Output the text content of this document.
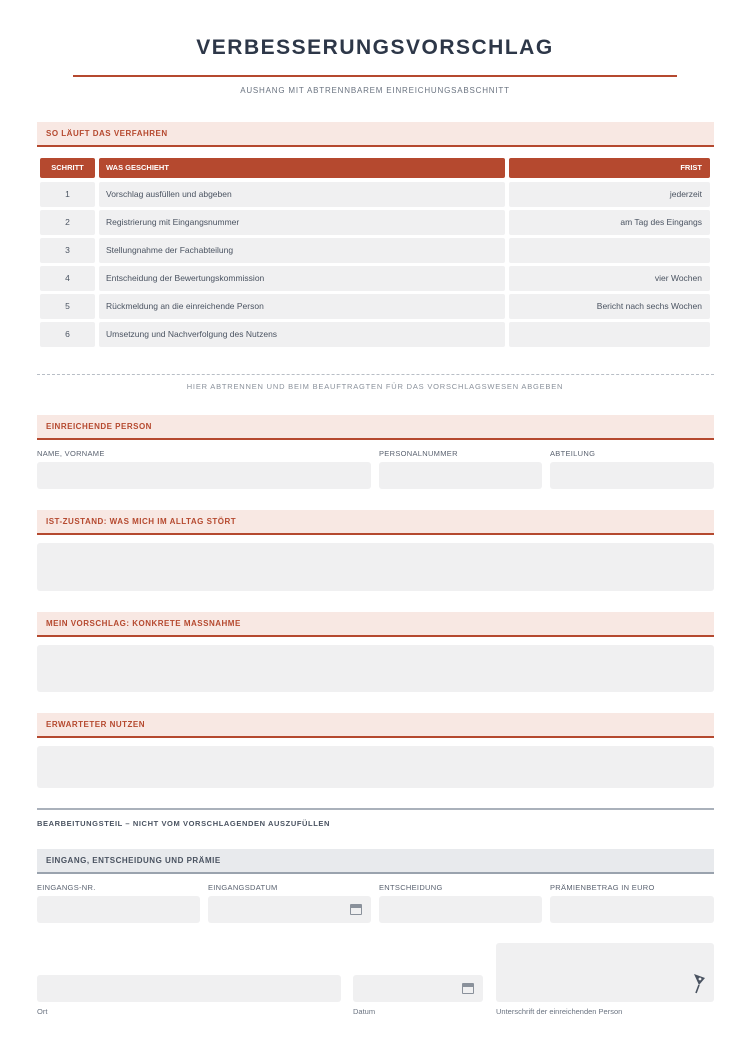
VERBESSERUNGSVORSCHLAG
AUSHANG MIT ABTRENNBAREM EINREICHUNGSABSCHNITT
SO LÄUFT DAS VERFAHREN
SCHRITT	WAS GESCHIEHT	FRIST
1	Vorschlag ausfüllen und abgeben	jederzeit
2	Registrierung mit Eingangsnummer	am Tag des Eingangs
3	Stellungnahme der Fachabteilung
4	Entscheidung der Bewertungskommission	vier Wochen
5	Rückmeldung an die einreichende Person	Bericht nach sechs Wochen
6	Umsetzung und Nachverfolgung des Nutzens
HIER ABTRENNEN UND BEIM BEAUFTRAGTEN FÜR DAS VORSCHLAGSWESEN ABGEBEN
EINREICHENDE PERSON
NAME, VORNAME	PERSONALNUMMER	ABTEILUNG
IST-ZUSTAND: WAS MICH IM ALLTAG STÖRT
MEIN VORSCHLAG: KONKRETE MASSNAHME
ERWARTETER NUTZEN
BEARBEITUNGSTEIL – NICHT VOM VORSCHLAGENDEN AUSZUFÜLLEN
EINGANG, ENTSCHEIDUNG UND PRÄMIE
EINGANGS-NR.	EINGANGSDATUM	ENTSCHEIDUNG	PRÄMIENBETRAG IN EURO
Ort	Datum	Unterschrift der einreichenden Person
